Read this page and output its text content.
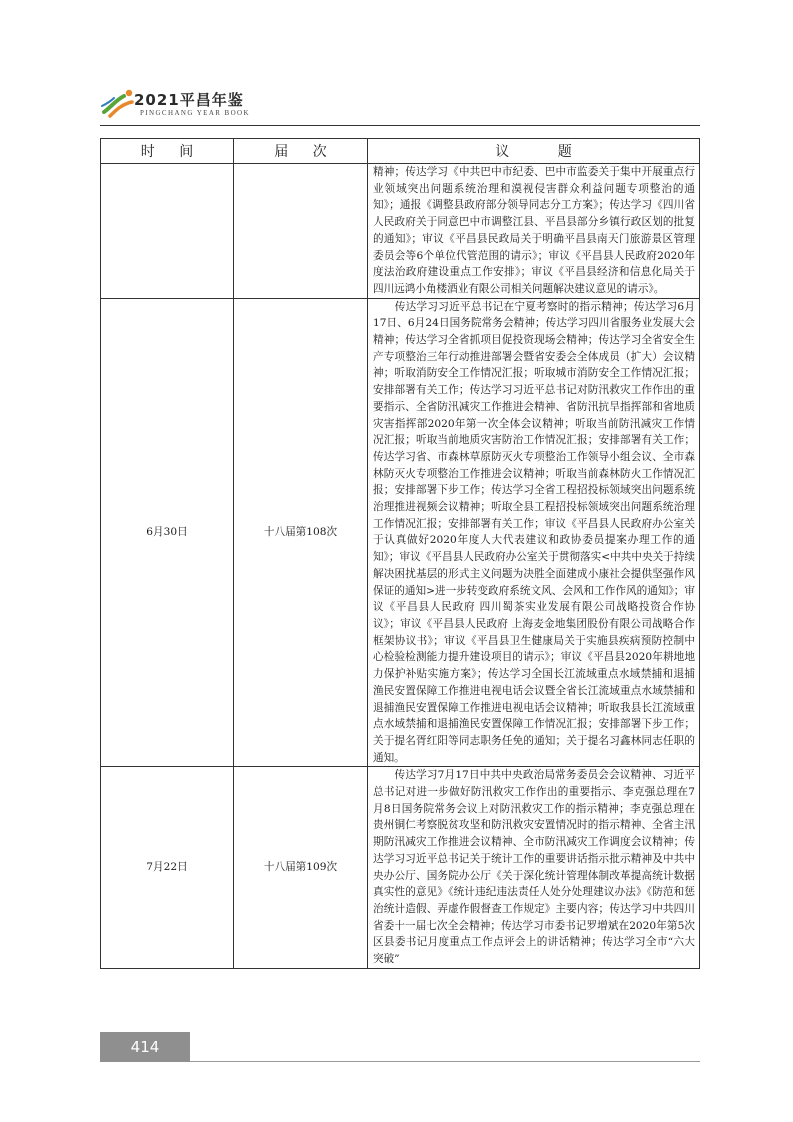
2021平昌年鉴
PINGCHANG YEAR BOOK
时 间	届 次	议 题
		精神；传达学习《中共巴中市纪委、巴中市监委关于集中开展重点行业领域突出问题系统治理和漠视侵害群众利益问题专项整治的通知》；通报《调整县政府部分领导同志分工方案》；传达学习《四川省人民政府关于同意巴中市调整江县、平昌县部分乡镇行政区划的批复的通知》；审议《平昌县民政局关于明确平昌县南天门旅游景区管理委员会等6个单位代管范围的请示》；审议《平昌县人民政府2020年度法治政府建设重点工作安排》；审议《平昌县经济和信息化局关于四川远鸿小角楼酒业有限公司相关问题解决建议意见的请示》。
6月30日	十八届第108次	　　传达学习习近平总书记在宁夏考察时的指示精神；传达学习6月17日、6月24日国务院常务会精神；传达学习四川省服务业发展大会精神；传达学习全省抓项目促投资现场会精神；传达学习全省安全生产专项整治三年行动推进部署会暨省安委会全体成员（扩大）会议精神；听取消防安全工作情况汇报；听取城市消防安全工作情况汇报；安排部署有关工作；传达学习习近平总书记对防汛救灾工作作出的重要指示、全省防汛减灾工作推进会精神、省防汛抗旱指挥部和省地质灾害指挥部2020年第一次全体会议精神；听取当前防汛减灾工作情况汇报；听取当前地质灾害防治工作情况汇报；安排部署有关工作；传达学习省、市森林草原防灭火专项整治工作领导小组会议、全市森林防灭火专项整治工作推进会议精神；听取当前森林防火工作情况汇报；安排部署下步工作；传达学习全省工程招投标领域突出问题系统治理推进视频会议精神；听取全县工程招投标领域突出问题系统治理工作情况汇报；安排部署有关工作；审议《平昌县人民政府办公室关于认真做好2020年度人大代表建议和政协委员提案办理工作的通知》；审议《平昌县人民政府办公室关于贯彻落实<中共中央关于持续解决困扰基层的形式主义问题为决胜全面建成小康社会提供坚强作风保证的通知>进一步转变政府系统文风、会风和工作作风的通知》；审议《平昌县人民政府 四川蜀茶实业发展有限公司战略投资合作协议》；审议《平昌县人民政府 上海麦金地集团股份有限公司战略合作框架协议书》；审议《平昌县卫生健康局关于实施县疾病预防控制中心检验检测能力提升建设项目的请示》；审议《平昌县2020年耕地地力保护补贴实施方案》；传达学习全国长江流域重点水域禁捕和退捕渔民安置保障工作推进电视电话会议暨全省长江流域重点水域禁捕和退捕渔民安置保障工作推进电视电话会议精神；听取我县长江流域重点水域禁捕和退捕渔民安置保障工作情况汇报；安排部署下步工作；关于提名胥红阳等同志职务任免的通知；关于提名习鑫林同志任职的通知。
7月22日	十八届第109次	　　传达学习7月17日中共中央政治局常务委员会会议精神、习近平总书记对进一步做好防汛救灾工作作出的重要指示、李克强总理在7月8日国务院常务会议上对防汛救灾工作的指示精神；李克强总理在贵州铜仁考察脱贫攻坚和防汛救灾安置情况时的指示精神、全省主汛期防汛减灾工作推进会议精神、全市防汛减灾工作调度会议精神；传达学习习近平总书记关于统计工作的重要讲话指示批示精神及中共中央办公厅、国务院办公厅《关于深化统计管理体制改革提高统计数据真实性的意见》《统计违纪违法责任人处分处理建议办法》《防范和惩治统计造假、弄虚作假督查工作规定》主要内容；传达学习中共四川省委十一届七次全会精神；传达学习市委书记罗增斌在2020年第5次区县委书记月度重点工作点评会上的讲话精神；传达学习全市“六大突破”
414
